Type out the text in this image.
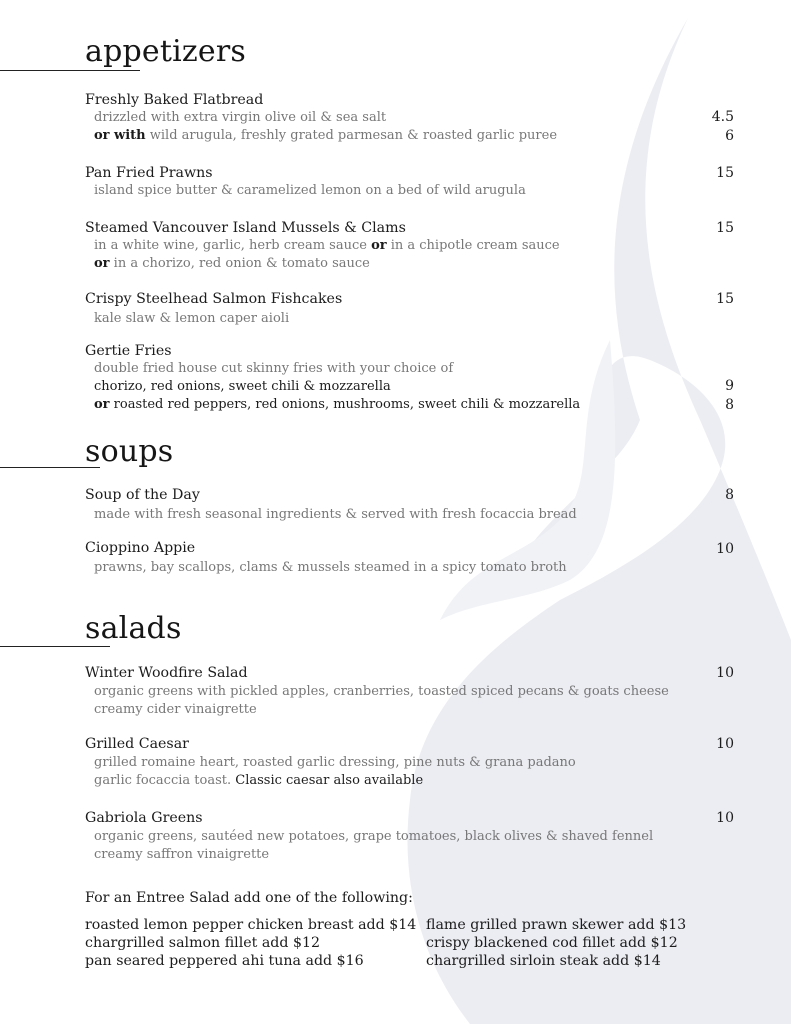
appetizers
Freshly Baked Flatbread
drizzled with extra virgin olive oil & sea salt
or with wild arugula, freshly grated parmesan & roasted garlic puree
4.5
6
Pan Fried Prawns
island spice butter & caramelized lemon on a bed of wild arugula
15
Steamed Vancouver Island Mussels & Clams
in a white wine, garlic, herb cream sauce or in a chipotle cream sauce
or in a chorizo, red onion & tomato sauce
15
Crispy Steelhead Salmon Fishcakes
kale slaw & lemon caper aioli
15
Gertie Fries
double fried house cut skinny fries with your choice of
chorizo, red onions, sweet chili & mozzarella
or roasted red peppers, red onions, mushrooms, sweet chili & mozzarella
9
8
soups
Soup of the Day
made with fresh seasonal ingredients & served with fresh focaccia bread
8
Cioppino Appie
prawns, bay scallops, clams & mussels steamed in a spicy tomato broth
10
salads
Winter Woodfire Salad
organic greens with pickled apples, cranberries, toasted spiced pecans & goats cheese
creamy cider vinaigrette
10
Grilled Caesar
grilled romaine heart, roasted garlic dressing, pine nuts & grana padano
garlic focaccia toast. Classic caesar also available
10
Gabriola Greens
organic greens, sautéed new potatoes, grape tomatoes, black olives & shaved fennel
creamy saffron vinaigrette
10
For an Entree Salad add one of the following:
roasted lemon pepper chicken breast add $14
chargrilled salmon fillet add $12
pan seared peppered ahi tuna add $16
flame grilled prawn skewer add $13
crispy blackened cod fillet add $12
chargrilled sirloin steak add $14
